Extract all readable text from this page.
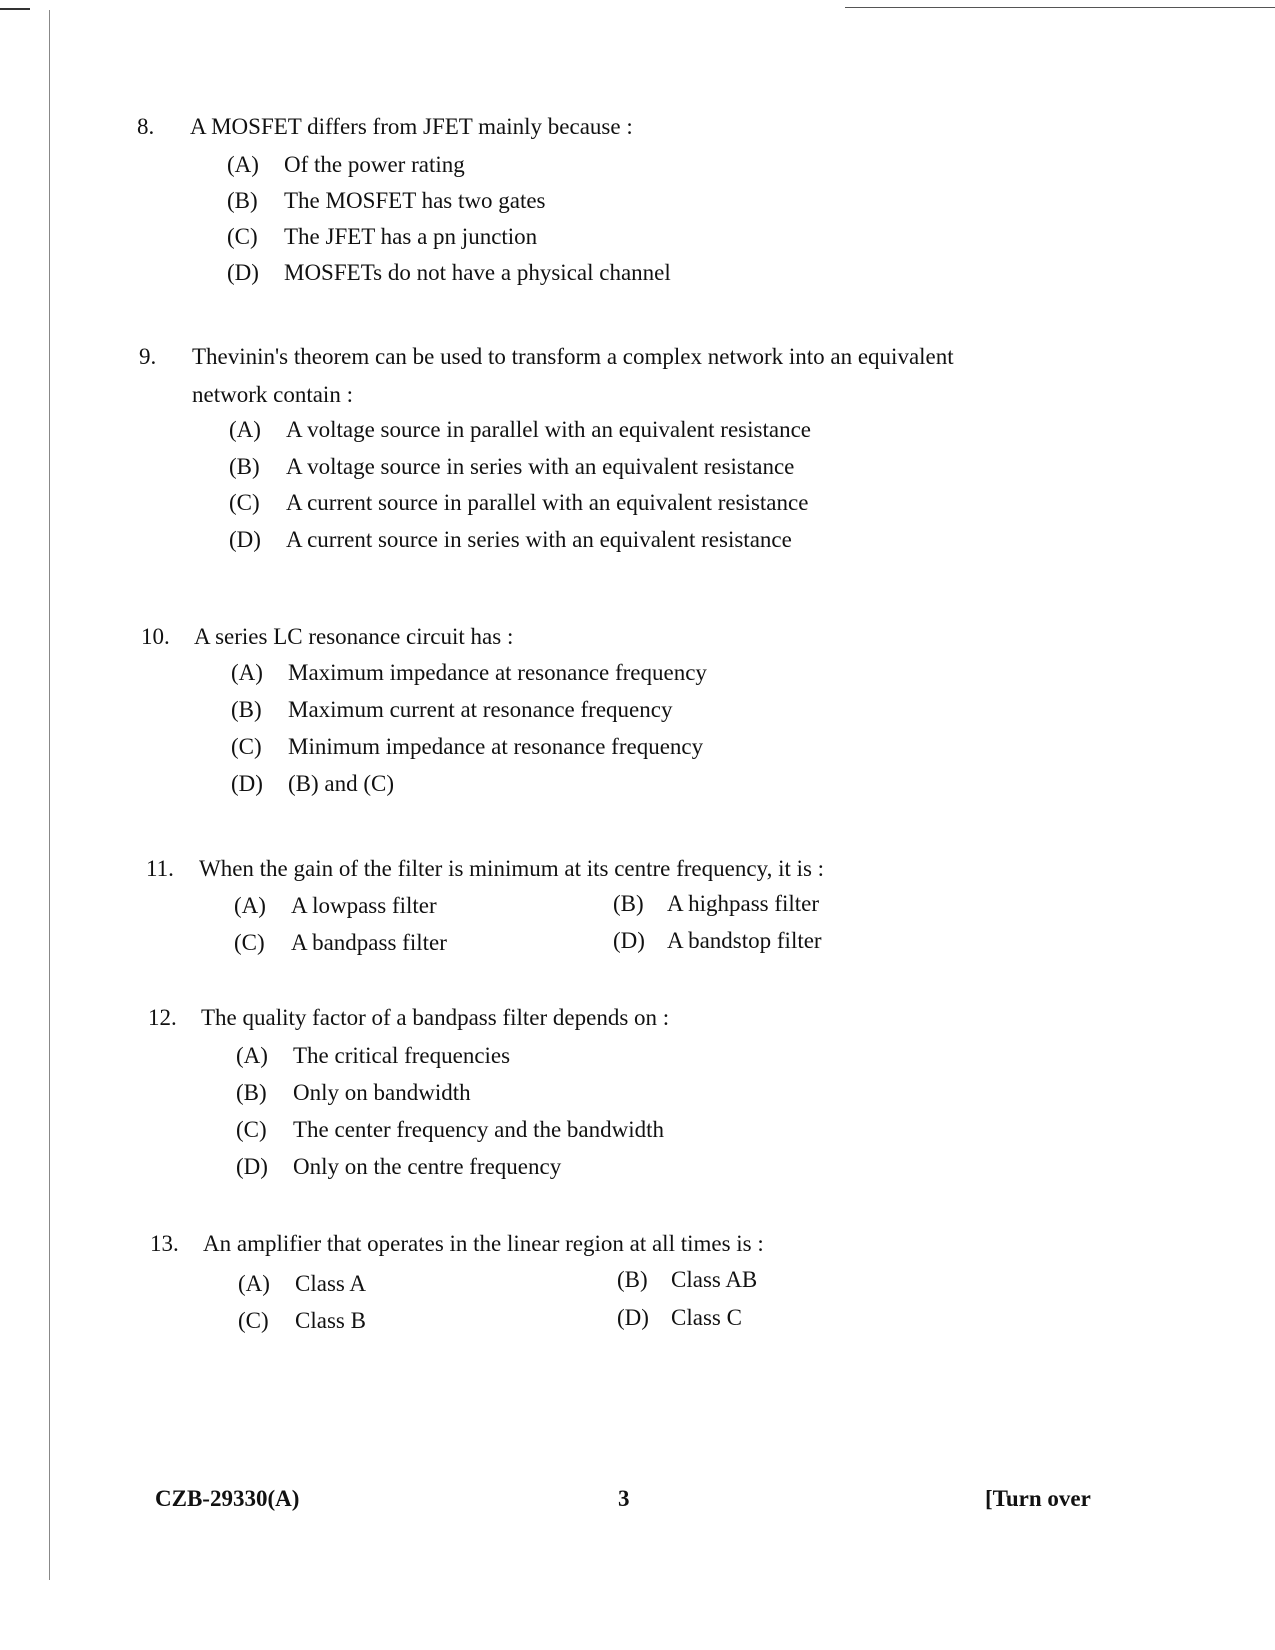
8. A MOSFET differs from JFET mainly because :
(A) Of the power rating
(B) The MOSFET has two gates
(C) The JFET has a pn junction
(D) MOSFETs do not have a physical channel
9. Thevinin's theorem can be used to transform a complex network into an equivalent
network contain :
(A) A voltage source in parallel with an equivalent resistance
(B) A voltage source in series with an equivalent resistance
(C) A current source in parallel with an equivalent resistance
(D) A current source in series with an equivalent resistance
10. A series LC resonance circuit has :
(A) Maximum impedance at resonance frequency
(B) Maximum current at resonance frequency
(C) Minimum impedance at resonance frequency
(D) (B) and (C)
11. When the gain of the filter is minimum at its centre frequency, it is :
(A) A lowpass filter	(B) A highpass filter
(C) A bandpass filter	(D) A bandstop filter
12. The quality factor of a bandpass filter depends on :
(A) The critical frequencies
(B) Only on bandwidth
(C) The center frequency and the bandwidth
(D) Only on the centre frequency
13. An amplifier that operates in the linear region at all times is :
(A) Class A	(B) Class AB
(C) Class B	(D) Class C
CZB-29330(A)	3	[Turn over
